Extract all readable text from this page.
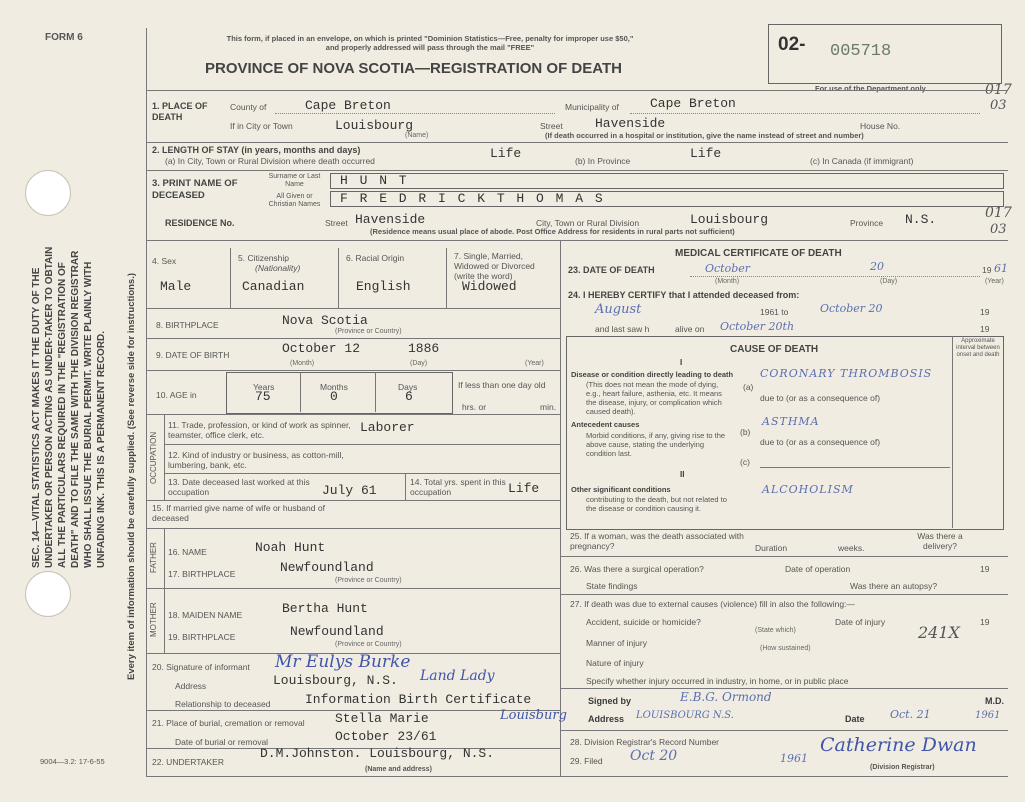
FORM 6
SEC. 14—VITAL STATISTICS ACT MAKES IT THE DUTY OF THE UNDERTAKER OR PERSON ACTING AS UNDER-TAKER TO OBTAIN ALL THE PARTICULARS REQUIRED IN THE "REGISTRATION OF DEATH" AND TO FILE THE SAME WITH THE DIVISION REGISTRAR WHO SHALL ISSUE THE BURIAL PERMIT. WRITE PLAINLY WITH UNFADING INK. THIS IS A PERMANENT RECORD.	Every item of information should be carefully supplied. (See reverse side for instructions.)
9004—3.2: 17-6-55
This form, if placed in an envelope, on which is printed "Dominion Statistics—Free, penalty for improper use $50," and properly addressed will pass through the mail "FREE"
PROVINCE OF NOVA SCOTIA—REGISTRATION OF DEATH
02- 005718
For use of the Department only	017
03
1. PLACE OF DEATH
County of	Cape Breton	Municipality of Cape Breton
If in City or Town	Louisbourg
(Name)
Street Havenside	House No.
(If death occurred in a hospital or institution, give the name instead of street and number)
2. LENGTH OF STAY (in years, months and days)
(a) In City, Town or Rural Division where death occurred	Life	(b) In Province	Life	(c) In Canada (if immigrant)
3. PRINT NAME OF DECEASED
Surname or Last Name
All Given or Christian Names
H U N T
F R E D R I C K T H O M A S
RESIDENCE No.	Street Havenside	City, Town or Rural Division	Louisbourg	Province N.S.
(Residence means usual place of abode. Post Office Address for residents in rural parts not sufficient)
017
03
4. Sex
Male
5. Citizenship
(Nationality)
Canadian
6. Racial Origin
English
7. Single, Married, Widowed or Divorced (write the word)
Widowed
8. BIRTHPLACE	Nova Scotia
(Province or Country)
9. DATE OF BIRTH	October 12	1886
(Month)	(Day)	(Year)
10. AGE in
Years
75
Months
0
Days
6
If less than one day old
hrs. or	min.
OCCUPATION
11. Trade, profession, or kind of work as spinner, teamster, office clerk, etc.	Laborer
12. Kind of industry or business, as cotton-mill, lumbering, bank, etc.
13. Date deceased last worked at this occupation	July 61
14. Total yrs. spent in this occupation	Life
15. If married give name of wife or husband of deceased
FATHER 16. NAME	Noah Hunt
17. BIRTHPLACE	Newfoundland
(Province or Country)
MOTHER 18. MAIDEN NAME	Bertha Hunt
19. BIRTHPLACE	Newfoundland
(Province or Country)
20. Signature of informant Mr Eulys Burke
Address	Louisbourg, N.S. Land Lady
Relationship to deceased	Information Birth Certificate
21. Place of burial, cremation or removal Stella Marie	Louisburg
Date of burial or removal	October 23/61
22. UNDERTAKER
D.M.Johnston. Louisbourg, N.S.
(Name and address)
MEDICAL CERTIFICATE OF DEATH
23. DATE OF DEATH	October	20	19 61
(Month)	(Day)	(Year)
24. I HEREBY CERTIFY that I attended deceased from:
August	1961 to	October 20	19
and last saw h	alive on October 20th	19
CAUSE OF DEATH
Approximate interval between onset and death
I
Disease or condition directly leading to death
(This does not mean the mode of dying, e.g., heart failure, asthenia, etc. It means the disease, injury, or complication which caused death).
(a)
CORONARY THROMBOSIS
due to (or as a consequence of)
Antecedent causes
Morbid conditions, if any, giving rise to the above cause, stating the underlying condition last.
(b)
ASTHMA
due to (or as a consequence of)
(c)
II
Other significant conditions
contributing to the death, but not related to the disease or condition causing it.
ALCOHOLISM
25. If a woman, was the death associated with pregnancy?	Duration	weeks.
Was there a delivery?
26. Was there a surgical operation?	Date of operation	19
State findings	Was there an autopsy?
27. If death was due to external causes (violence) fill in also the following:—
Accident, suicide or homicide?
(State which)
Date of injury	19
Manner of injury
241X
(How sustained)
Nature of injury
Specify whether injury occurred in industry, in home, or in public place
Signed by	E.B.G. Ormond	M.D.
Address LOUISBOURG N.S.	Date Oct. 21	1961
28. Division Registrar's Record Number
29. Filed Oct 20	1961
Catherine Dwan
(Division Registrar)
